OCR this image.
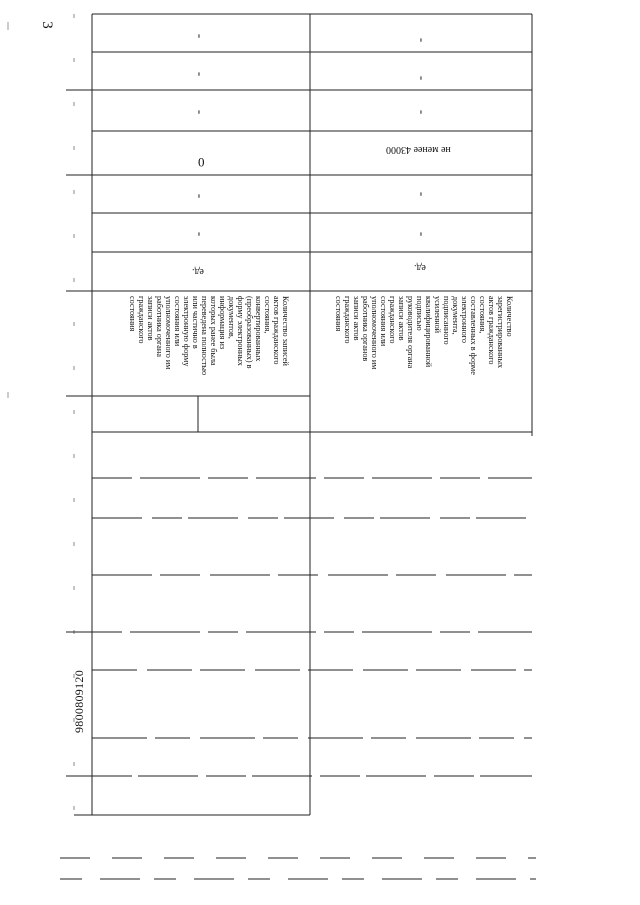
3
-
-
-
0
-
-
ед.
-
-
-
не менее 43000
-
-
ед.
Количество записей
актов гражданского
состояния,
конвертированных
(преобразованных) в
форму электронных
документов,
информация из
которых ранее была
переведена полностью
или частично в
электронную форму
состояния или
уполномоченного им
работника органа
записи актов
гражданского
состояния	Количество
зарегистрированных
актов гражданского
состояния,
составленных в форме
электронного
документа,
подписанного
усиленной
квалифицированной
подписью
руководителя органа
записи актов
гражданского
состояния или
уполномоченного им
работника органов
записи актов
гражданского
состояния
9800809120
